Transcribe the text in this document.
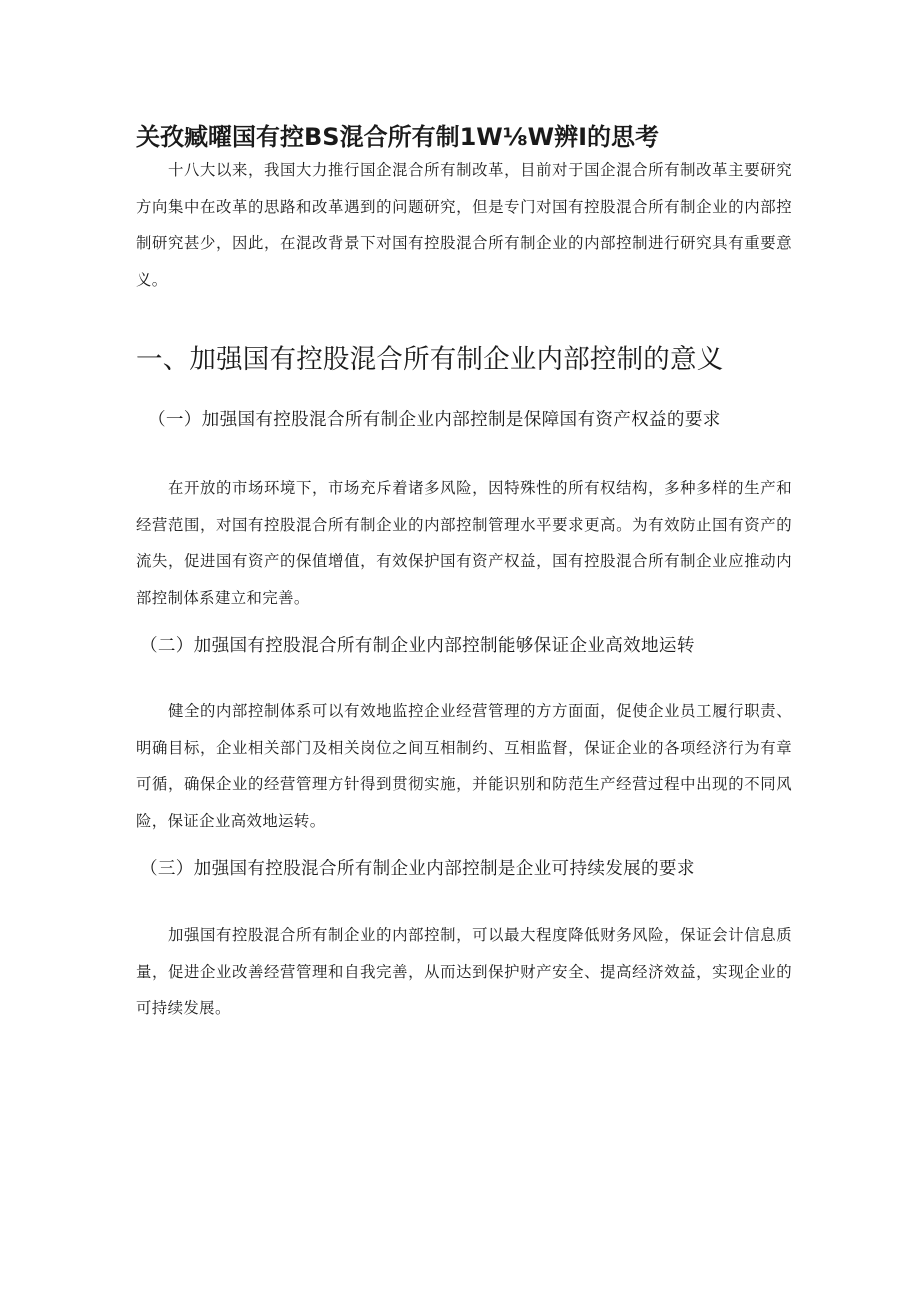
关孜臧曜国有控BS混合所有制1W⅛W辨I的思考

十八大以来，我国大力推行国企混合所有制改革，目前对于国企混合所有制改革主要研究方向集中在改革的思路和改革遇到的问题研究，但是专门对国有控股混合所有制企业的内部控制研究甚少，因此，在混改背景下对国有控股混合所有制企业的内部控制进行研究具有重要意义。

一、加强国有控股混合所有制企业内部控制的意义
（一）加强国有控股混合所有制企业内部控制是保障国有资产权益的要求

在开放的市场环境下，市场充斥着诸多风险，因特殊性的所有权结构，多种多样的生产和经营范围，对国有控股混合所有制企业的内部控制管理水平要求更高。为有效防止国有资产的流失，促进国有资产的保值增值，有效保护国有资产权益，国有控股混合所有制企业应推动内部控制体系建立和完善。

（二）加强国有控股混合所有制企业内部控制能够保证企业高效地运转

健全的内部控制体系可以有效地监控企业经营管理的方方面面，促使企业员工履行职责、明确目标，企业相关部门及相关岗位之间互相制约、互相监督，保证企业的各项经济行为有章可循，确保企业的经营管理方针得到贯彻实施，并能识别和防范生产经营过程中出现的不同风险，保证企业高效地运转。

（三）加强国有控股混合所有制企业内部控制是企业可持续发展的要求

加强国有控股混合所有制企业的内部控制，可以最大程度降低财务风险，保证会计信息质量，促进企业改善经营管理和自我完善，从而达到保护财产安全、提高经济效益，实现企业的可持续发展。
